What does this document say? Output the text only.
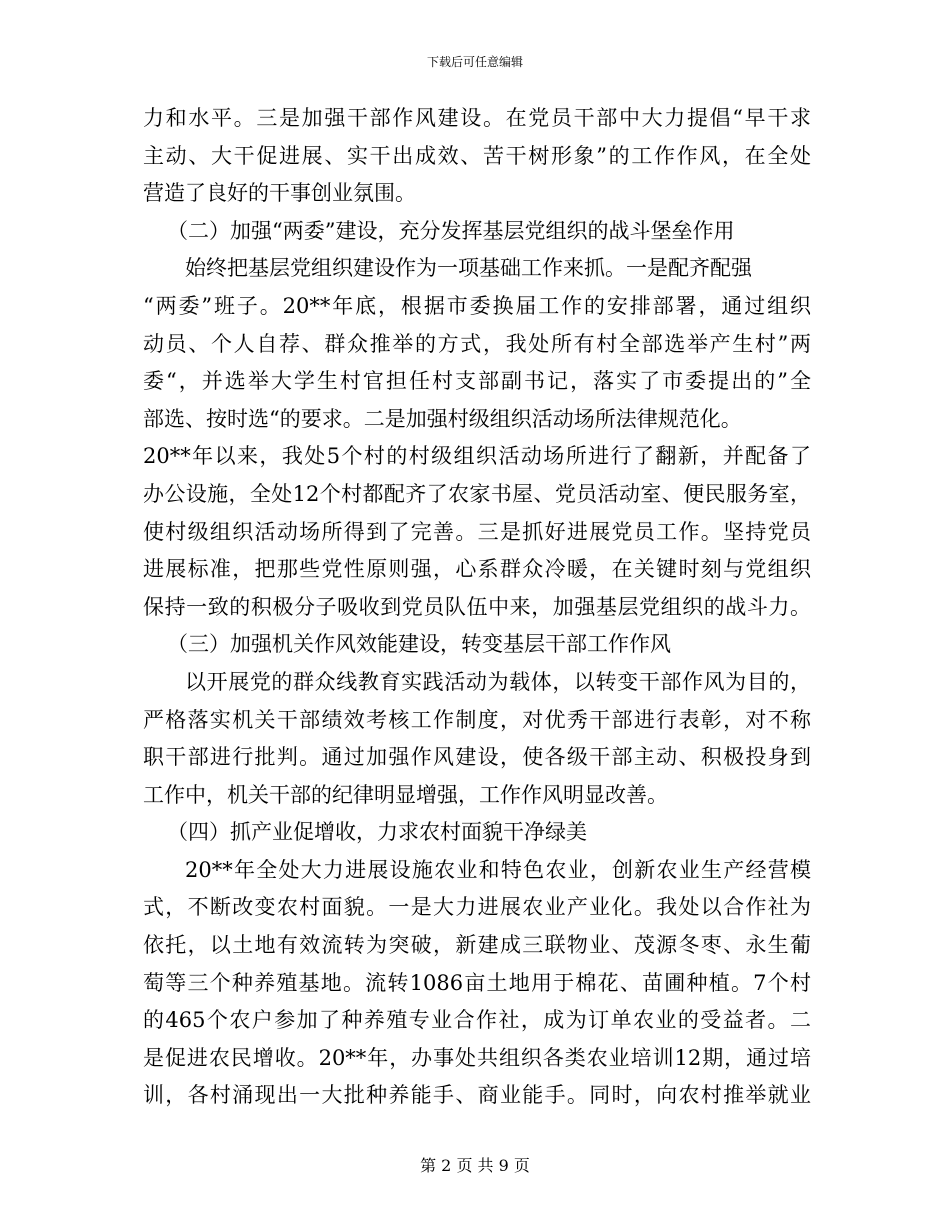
下载后可任意编辑
力和水平。三是加强干部作风建设。在党员干部中大力提倡“早干求
主动、大干促进展、实干出成效、苦干树形象”的工作作风，在全处
营造了良好的干事创业氛围。
（二）加强“两委”建设，充分发挥基层党组织的战斗堡垒作用
始终把基层党组织建设作为一项基础工作来抓。一是配齐配强
“两委”班子。20**年底，根据市委换届工作的安排部署，通过组织
动员、个人自荐、群众推举的方式，我处所有村全部选举产生村”两
委“，并选举大学生村官担任村支部副书记，落实了市委提出的”全
部选、按时选“的要求。二是加强村级组织活动场所法律规范化。
20**年以来，我处5个村的村级组织活动场所进行了翻新，并配备了
办公设施，全处12个村都配齐了农家书屋、党员活动室、便民服务室，
使村级组织活动场所得到了完善。三是抓好进展党员工作。坚持党员
进展标准，把那些党性原则强，心系群众冷暖，在关键时刻与党组织
保持一致的积极分子吸收到党员队伍中来，加强基层党组织的战斗力。
（三）加强机关作风效能建设，转变基层干部工作作风
以开展党的群众线教育实践活动为载体，以转变干部作风为目的，
严格落实机关干部绩效考核工作制度，对优秀干部进行表彰，对不称
职干部进行批判。通过加强作风建设，使各级干部主动、积极投身到
工作中，机关干部的纪律明显增强，工作作风明显改善。
（四）抓产业促增收，力求农村面貌干净绿美
20**年全处大力进展设施农业和特色农业，创新农业生产经营模
式，不断改变农村面貌。一是大力进展农业产业化。我处以合作社为
依托，以土地有效流转为突破，新建成三联物业、茂源冬枣、永生葡
萄等三个种养殖基地。流转1086亩土地用于棉花、苗圃种植。7个村
的465个农户参加了种养殖专业合作社，成为订单农业的受益者。二
是促进农民增收。20**年，办事处共组织各类农业培训12期，通过培
训，各村涌现出一大批种养能手、商业能手。同时，向农村推举就业
第 2 页 共 9 页
